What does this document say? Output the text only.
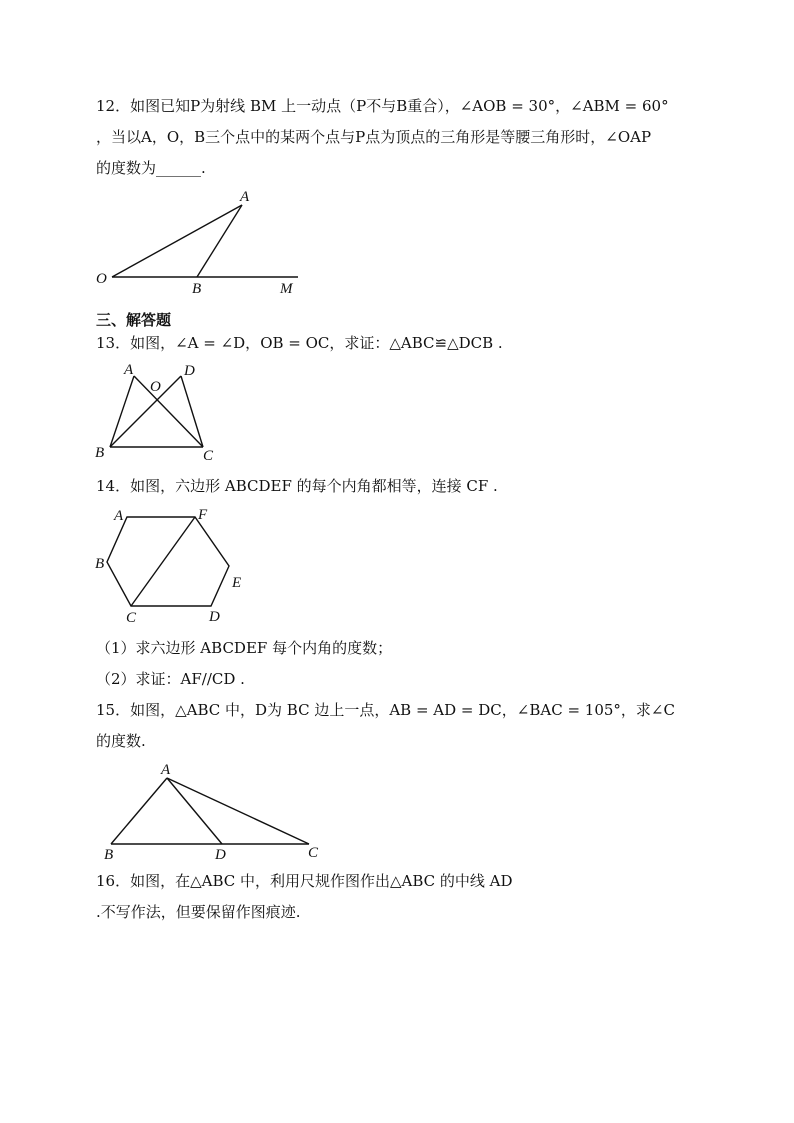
12．如图已知P为射线 BM 上一动点（P不与B重合），∠AOB = 30°，∠ABM = 60°
，当以A，O，B三个点中的某两个点与P点为顶点的三角形是等腰三角形时，∠OAP
的度数为______.
A
O
B	M
三、解答题
13．如图，∠A = ∠D，OB = OC，求证：△ABC≌△DCB .
A
O
D
B	C
14．如图，六边形 ABCDEF 的每个内角都相等，连接 CF .
A	F
B
E
C	D
（1）求六边形 ABCDEF 每个内角的度数；
（2）求证：AF//CD .
15．如图，△ABC 中，D为 BC 边上一点，AB = AD = DC，∠BAC = 105°，求∠C
的度数.
A
B	D	C
16．如图，在△ABC 中，利用尺规作图作出△ABC 的中线 AD
.不写作法，但要保留作图痕迹.
